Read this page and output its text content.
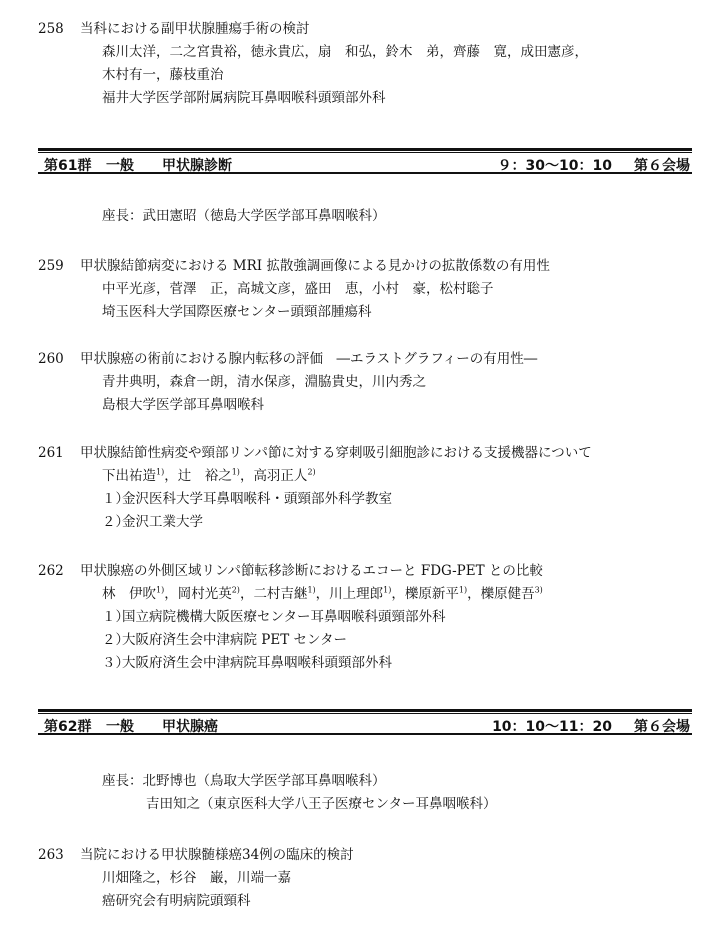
258 当科における副甲状腺腫瘍手術の検討
森川太洋，二之宮貴裕，徳永貴広，扇　和弘，鈴木　弟，齊藤　寛，成田憲彦，
木村有一，藤枝重治
福井大学医学部附属病院耳鼻咽喉科頭頸部外科
第61群 一般 甲状腺診断	９：30〜10：10 第６会場
座長：武田憲昭（徳島大学医学部耳鼻咽喉科）
259 甲状腺結節病変における MRI 拡散強調画像による見かけの拡散係数の有用性
中平光彦，菅澤　正，高城文彦，盛田　恵，小村　豪，松村聡子
埼玉医科大学国際医療センター頭頸部腫瘍科
260 甲状腺癌の術前における腺内転移の評価　―エラストグラフィーの有用性―
青井典明，森倉一朗，清水保彦，淵脇貴史，川内秀之
島根大学医学部耳鼻咽喉科
261 甲状腺結節性病変や頸部リンパ節に対する穿刺吸引細胞診における支援機器について
下出祐造$^{1)}$，辻　裕之$^{1)}$，高羽正人$^{2)}$
１）
金沢医科大学耳鼻咽喉科・頭頸部外科学教室
２）
金沢工業大学
262 甲状腺癌の外側区域リンパ節転移診断におけるエコーと FDG-PET との比較
林　伊吹$^{1)}$，岡村光英$^{2)}$，二村吉継$^{1)}$，川上理郎$^{1)}$，櫟原新平$^{1)}$，櫟原健吾$^{3)}$
１）
国立病院機構大阪医療センター耳鼻咽喉科頭頸部外科
２）
大阪府済生会中津病院 PET センター
３）
大阪府済生会中津病院耳鼻咽喉科頭頸部外科
第62群 一般 甲状腺癌	10：10〜11：20 第６会場
座長：北野博也（鳥取大学医学部耳鼻咽喉科）
吉田知之（東京医科大学八王子医療センター耳鼻咽喉科）
263 当院における甲状腺髄様癌34例の臨床的検討
川畑隆之，杉谷　巌，川端一嘉
癌研究会有明病院頭頸科
